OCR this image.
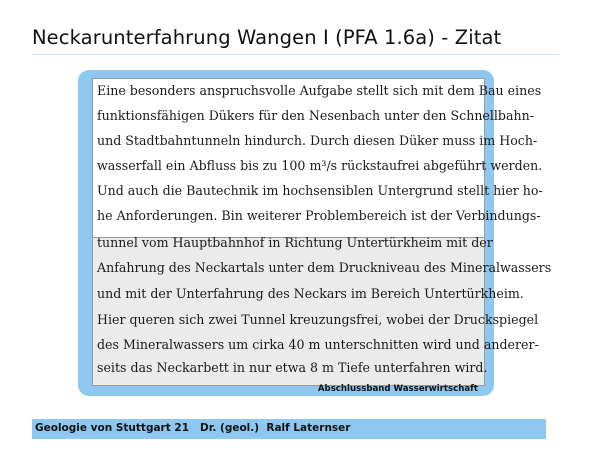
Neckarunterfahrung Wangen I (PFA 1.6a) - Zitat
Eine besonders anspruchsvolle Aufgabe stellt sich mit dem Bau eines
funktionsfähigen Dükers für den Nesenbach unter den Schnellbahn-
und Stadtbahntunneln hindurch. Durch diesen Düker muss im Hoch-
wasserfall ein Abfluss bis zu 100 m³/s rückstaufrei abgeführt werden.
Und auch die Bautechnik im hochsensiblen Untergrund stellt hier ho-
he Anforderungen. Bin weiterer Problembereich ist der Verbindungs-
tunnel vom Hauptbahnhof in Richtung Untertürkheim mit der
Anfahrung des Neckartals unter dem Druckniveau des Mineralwassers
und mit der Unterfahrung des Neckars im Bereich Untertürkheim.
Hier queren sich zwei Tunnel kreuzungsfrei, wobei der Druckspiegel
des Mineralwassers um cirka 40 m unterschnitten wird und anderer-
seits das Neckarbett in nur etwa 8 m Tiefe unterfahren wird.
Abschlussband Wasserwirtschaft
Geologie von Stuttgart 21   Dr. (geol.)  Ralf Laternser
